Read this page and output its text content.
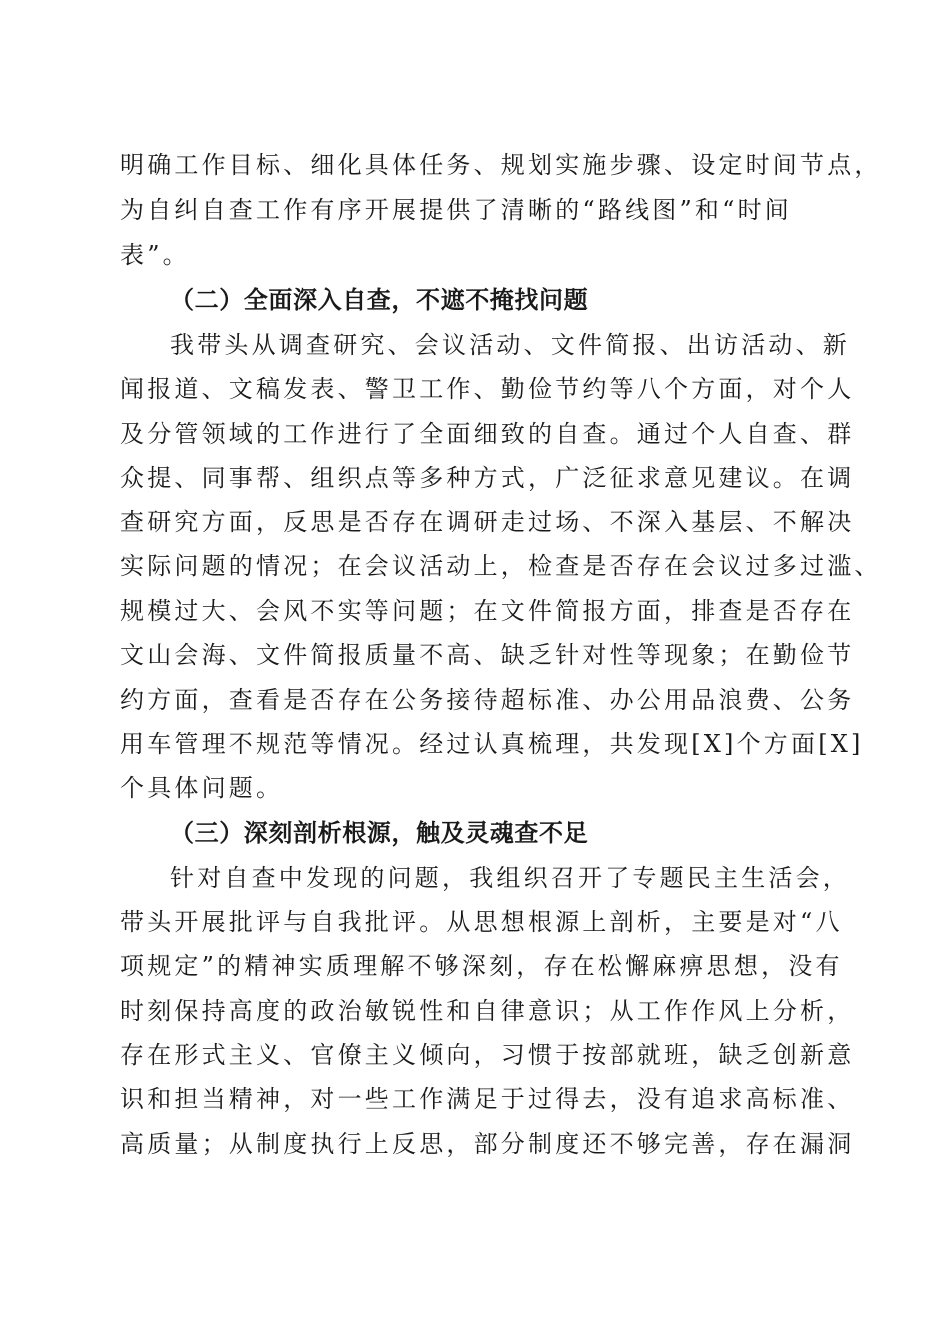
明确工作目标、细化具体任务、规划实施步骤、设定时间节点，
为自纠自查工作有序开展提供了清晰的“路线图”和“时间
表”。
（二）全面深入自查，不遮不掩找问题
我带头从调查研究、会议活动、文件简报、出访活动、新
闻报道、文稿发表、警卫工作、勤俭节约等八个方面，对个人
及分管领域的工作进行了全面细致的自查。通过个人自查、群
众提、同事帮、组织点等多种方式，广泛征求意见建议。在调
查研究方面，反思是否存在调研走过场、不深入基层、不解决
实际问题的情况；在会议活动上，检查是否存在会议过多过滥、
规模过大、会风不实等问题；在文件简报方面，排查是否存在
文山会海、文件简报质量不高、缺乏针对性等现象；在勤俭节
约方面，查看是否存在公务接待超标准、办公用品浪费、公务
用车管理不规范等情况。经过认真梳理，共发现[X]个方面[X]
个具体问题。
（三）深刻剖析根源，触及灵魂查不足
针对自查中发现的问题，我组织召开了专题民主生活会，
带头开展批评与自我批评。从思想根源上剖析，主要是对“八
项规定”的精神实质理解不够深刻，存在松懈麻痹思想，没有
时刻保持高度的政治敏锐性和自律意识；从工作作风上分析，
存在形式主义、官僚主义倾向，习惯于按部就班，缺乏创新意
识和担当精神，对一些工作满足于过得去，没有追求高标准、
高质量；从制度执行上反思，部分制度还不够完善，存在漏洞
